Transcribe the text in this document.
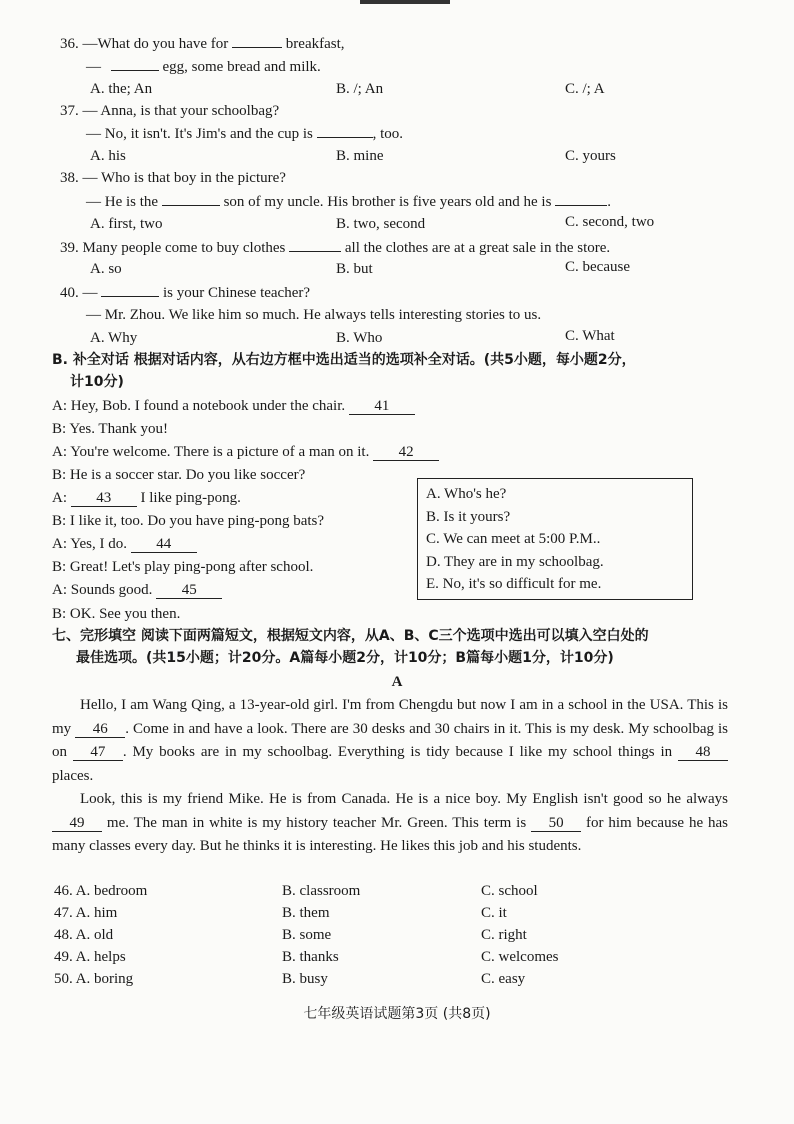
36. —What do you have for	breakfast,
—	egg, some bread and milk.
A. the; An	B. /; An	C. /; A
37. — Anna, is that your schoolbag?
— No, it isn't. It's Jim's and the cup is	, too.
A. his	B. mine	C. yours
38. — Who is that boy in the picture?
— He is the	son of my uncle. His brother is five years old and he is	.
A. first, two	B. two, second	C. second, two
39. Many people come to buy clothes	all the clothes are at a great sale in the store.
A. so	B. but	C. because
40. —	is your Chinese teacher?
— Mr. Zhou. We like him so much. He always tells interesting stories to us.
A. Why	B. Who	C. What
B. 补全对话 根据对话内容，从右边方框中选出适当的选项补全对话。(共5小题，每小题2分，
计10分)
A: Hey, Bob. I found a notebook under the chair. 41
B: Yes. Thank you!
A: You're welcome. There is a picture of a man on it. 42
B: He is a soccer star. Do you like soccer?
A: 43 I like ping-pong.
B: I like it, too. Do you have ping-pong bats?
A: Yes, I do. 44
B: Great! Let's play ping-pong after school.
A: Sounds good. 45
B: OK. See you then.
A. Who's he?
B. Is it yours?
C. We can meet at 5:00 P.M..
D. They are in my schoolbag.
E. No, it's so difficult for me.
七、完形填空 阅读下面两篇短文，根据短文内容，从A、B、C三个选项中选出可以填入空白处的
最佳选项。(共15小题；计20分。A篇每小题2分，计10分；B篇每小题1分，计10分)
A
Hello, I am Wang Qing, a 13-year-old girl. I'm from Chengdu but now I am in a school in the USA. This is my 46 . Come in and have a look. There are 30 desks and 30 chairs in it. This is my desk. My schoolbag is on 47 . My books are in my schoolbag. Everything is tidy because I like my school things in 48 places.
Look, this is my friend Mike. He is from Canada. He is a nice boy. My English isn't good so he always 49 me. The man in white is my history teacher Mr. Green. This term is 50 for him because he has many classes every day. But he thinks it is interesting. He likes this job and his students.
46. A. bedroom	B. classroom	C. school
47. A. him	B. them	C. it
48. A. old	B. some	C. right
49. A. helps	B. thanks	C. welcomes
50. A. boring	B. busy	C. easy
七年级英语试题第3页 (共8页)
